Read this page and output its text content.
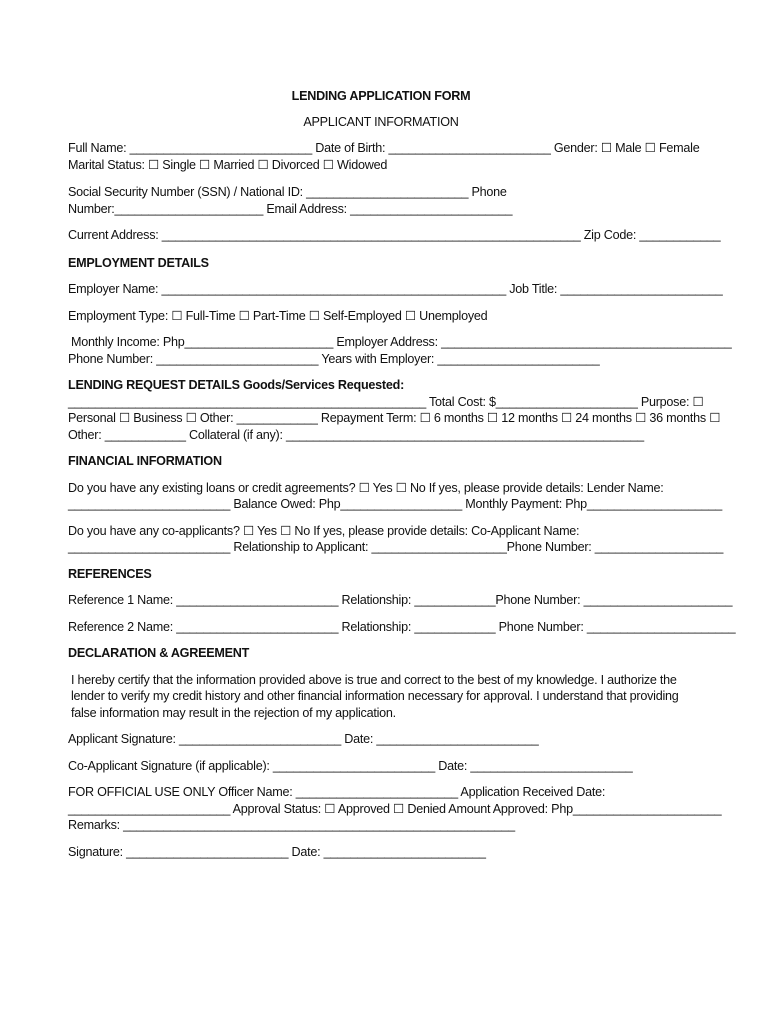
LENDING APPLICATION FORM
APPLICANT INFORMATION
Full Name: ___________________________ Date of Birth: ________________________ Gender: ☐ Male ☐ Female
Marital Status: ☐ Single ☐ Married ☐ Divorced ☐ Widowed
Social Security Number (SSN) / National ID: ________________________ Phone Number:______________________ Email Address: ________________________
Current Address: ______________________________________________________________ Zip Code: ____________
EMPLOYMENT DETAILS
Employer Name: ___________________________________________________ Job Title: ________________________
Employment Type: ☐ Full-Time ☐ Part-Time ☐ Self-Employed ☐ Unemployed
Monthly Income: Php______________________ Employer Address: ___________________________________________
Phone Number: ________________________ Years with Employer: ________________________
LENDING REQUEST DETAILS Goods/Services Requested:
_____________________________________________________ Total Cost: $_____________________ Purpose: ☐
Personal ☐ Business ☐ Other: ____________ Repayment Term: ☐ 6 months ☐ 12 months ☐ 24 months ☐ 36 months ☐
Other: ____________ Collateral (if any): _____________________________________________________
FINANCIAL INFORMATION
Do you have any existing loans or credit agreements? ☐ Yes ☐ No If yes, please provide details: Lender Name:
________________________ Balance Owed: Php__________________ Monthly Payment: Php____________________
Do you have any co-applicants? ☐ Yes ☐ No If yes, please provide details: Co-Applicant Name:
________________________ Relationship to Applicant: ____________________Phone Number: ___________________
REFERENCES
Reference 1 Name: ________________________ Relationship: ____________Phone Number: ______________________
Reference 2 Name: ________________________ Relationship: ____________ Phone Number: ______________________
DECLARATION & AGREEMENT
I hereby certify that the information provided above is true and correct to the best of my knowledge. I authorize the lender to verify my credit history and other financial information necessary for approval. I understand that providing false information may result in the rejection of my application.
Applicant Signature: ________________________ Date: ________________________
Co-Applicant Signature (if applicable): ________________________ Date: ________________________
FOR OFFICIAL USE ONLY Officer Name: ________________________ Application Received Date:
________________________ Approval Status: ☐ Approved ☐ Denied Amount Approved: Php______________________
Remarks: __________________________________________________________
Signature: ________________________ Date: ________________________
